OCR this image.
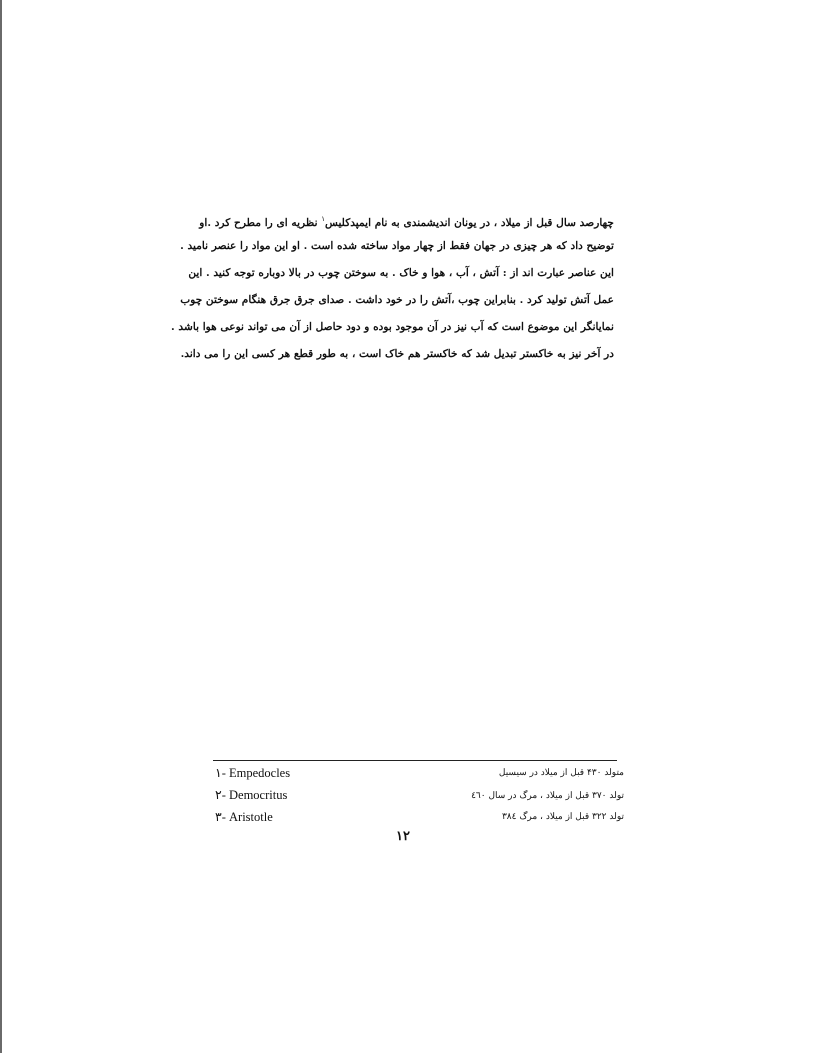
چهارصد سال قبل از میلاد ، در یونان اندیشمندی به نام ایمپدکلیس$^۱$ نظریه ای را مطرح کرد .او
توضیح داد که هر چیزی در جهان فقط از چهار مواد ساخته شده است . او این مواد را عنصر نامید .
این عناصر عبارت اند از : آتش ، آب ، هوا و خاک . به سوختن چوب در بالا دوباره توجه کنید . این
عمل آتش تولید کرد . بنابراین چوب ،آتش را در خود داشت . صدای جرق جرق هنگام سوختن چوب
نمایانگر این موضوع است که آب نیز در آن موجود بوده و دود حاصل از آن می تواند نوعی هوا باشد .
در آخر نیز به خاکستر تبدیل شد که خاکستر هم خاک است ، به طور قطع هر کسی این را می داند.
۱- Empedocles	متولد ۴۳۰ قبل از میلاد در سیسیل
۲- Democritus	تولد ۳۷۰ قبل از میلاد ، مرگ در سال ٤٦٠
۳- Aristotle	تولد ۳۲۲ قبل از میلاد ، مرگ ۳۸٤
۱۲
